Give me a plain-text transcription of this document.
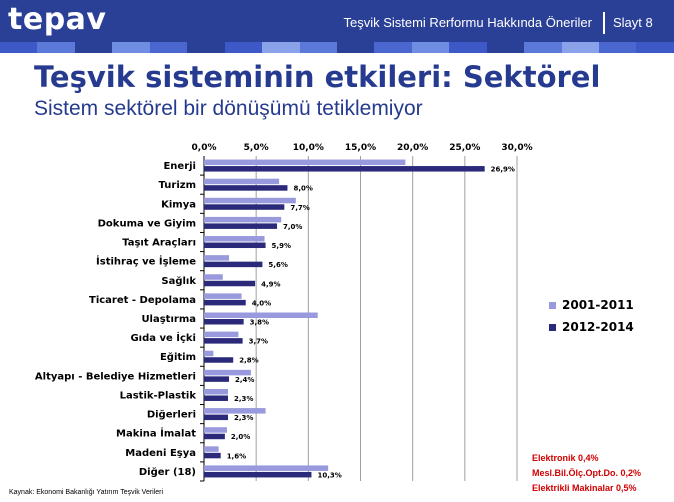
tepav	Teşvik Sistemi Rerformu Hakkında Öneriler Slayt 8
Teşvik sisteminin etkileri: Sektörel
Sistem sektörel bir dönüşümü tetiklemiyor
0,0%	5,0%	10,0% 15,0% 20,0% 25,0% 30,0%
Enerji	26,9%
Turizm	8,0%
Kimya	7,7%
Dokuma ve Giyim	7,0%
Taşıt Araçları	5,9%
İstihraç ve İşleme	5,6%
Sağlık	4,9%
Ticaret - Depolama	4,0%
Ulaştırma	3,8%
Gıda ve İçki	3,7%
Eğitim	2,8%
Altyapı - Belediye Hizmetleri	2,4%
Lastik-Plastik	2,3%
Diğerleri	2,3%
Makina İmalat	2,0%
Madeni Eşya	1,6%
Diğer (18)	10,3%
2001-2011
2012-2014
Elektronik 0,4%
Mesl.Bil.Ölç.Opt.Do. 0,2%
Elektrikli Makinalar 0,5%
Kaynak: Ekonomi Bakanlığı Yatırım Teşvik Verileri
